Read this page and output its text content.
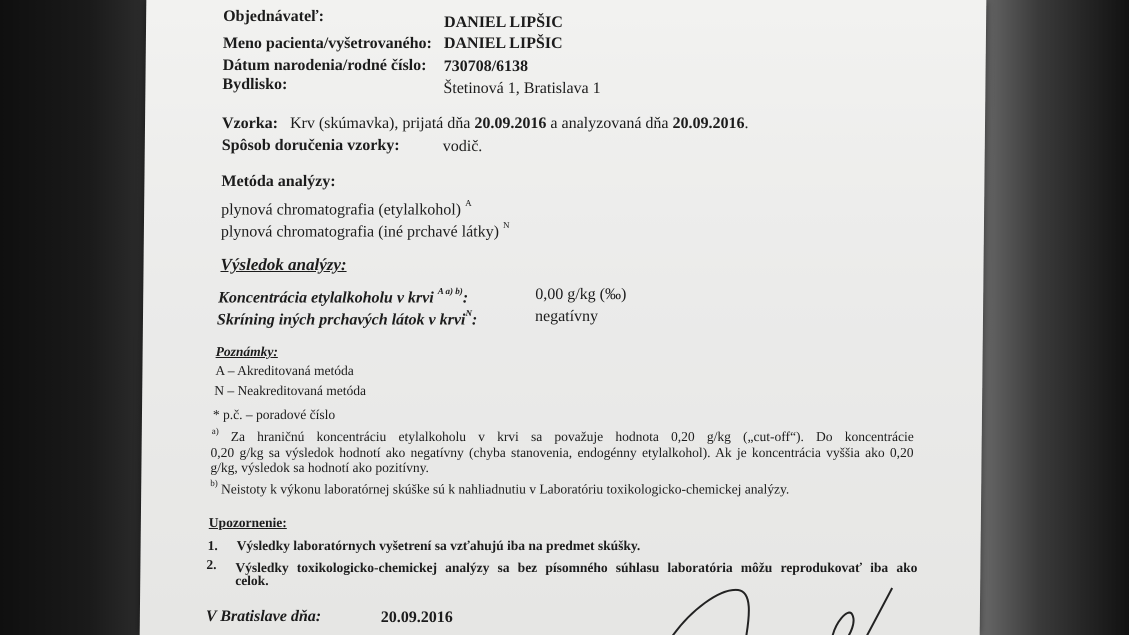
Objednávateľ:	DANIEL LIPŠIC
Meno pacienta/vyšetrovaného: DANIEL LIPŠIC
Dátum narodenia/rodné číslo: 730708/6138
Bydlisko:	Štetinová 1, Bratislava 1
Vzorka: Krv (skúmavka), prijatá dňa 20.09.2016 a analyzovaná dňa 20.09.2016.
Spôsob doručenia vzorky:	vodič.
Metóda analýzy:
plynová chromatografia (etylalkohol) $^A$
plynová chromatografia (iné prchavé látky) $^N$
Výsledok analýzy:
Koncentrácia etylalkoholu v krvi $^{A a) b)}$:	0,00 g/kg (‰)
Skríning iných prchavých látok v krvi$^N$:	negatívny
Poznámky:
A – Akreditovaná metóda
N – Neakreditovaná metóda
* p.č. – poradové číslo
$^{a)}$ Za hraničnú koncentráciu etylalkoholu v krvi sa považuje hodnota 0,20 g/kg („cut-off“). Do koncentrácie
0,20 g/kg sa výsledok hodnotí ako negatívny (chyba stanovenia, endogénny etylalkohol). Ak je koncentrácia vyššia ako 0,20
g/kg, výsledok sa hodnotí ako pozitívny.
$^{b)}$ Neistoty k výkonu laboratórnej skúške sú k nahliadnutiu v Laboratóriu toxikologicko-chemickej analýzy.
Upozornenie:
1. Výsledky laboratórnych vyšetrení sa vzťahujú iba na predmet skúšky.
2. Výsledky toxikologicko-chemickej analýzy sa bez písomného súhlasu laboratória môžu reprodukovať iba ako
celok.
V Bratislave dňa:	20.09.2016
